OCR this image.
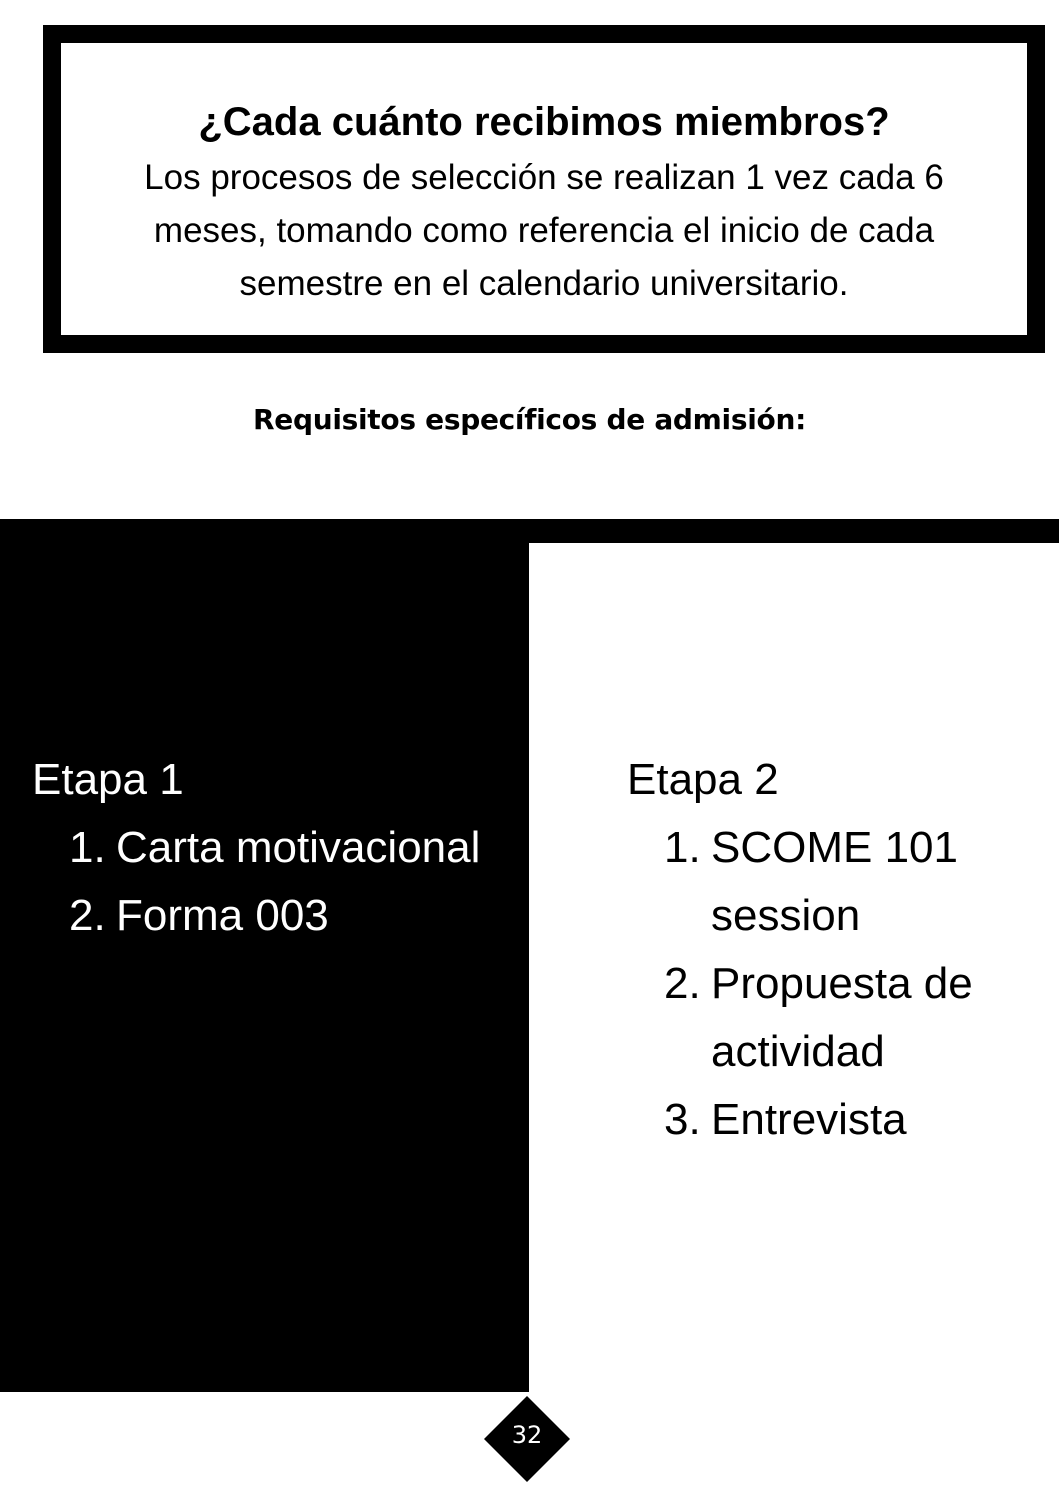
¿Cada cuánto recibimos miembros?
Los procesos de selección se realizan 1 vez cada 6 meses, tomando como referencia el inicio de cada semestre en el calendario universitario.
Requisitos específicos de admisión:
Etapa 1
1. Carta motivacional
2. Forma 003
Etapa 2
1. SCOME 101 session
2. Propuesta de actividad
3. Entrevista
32
